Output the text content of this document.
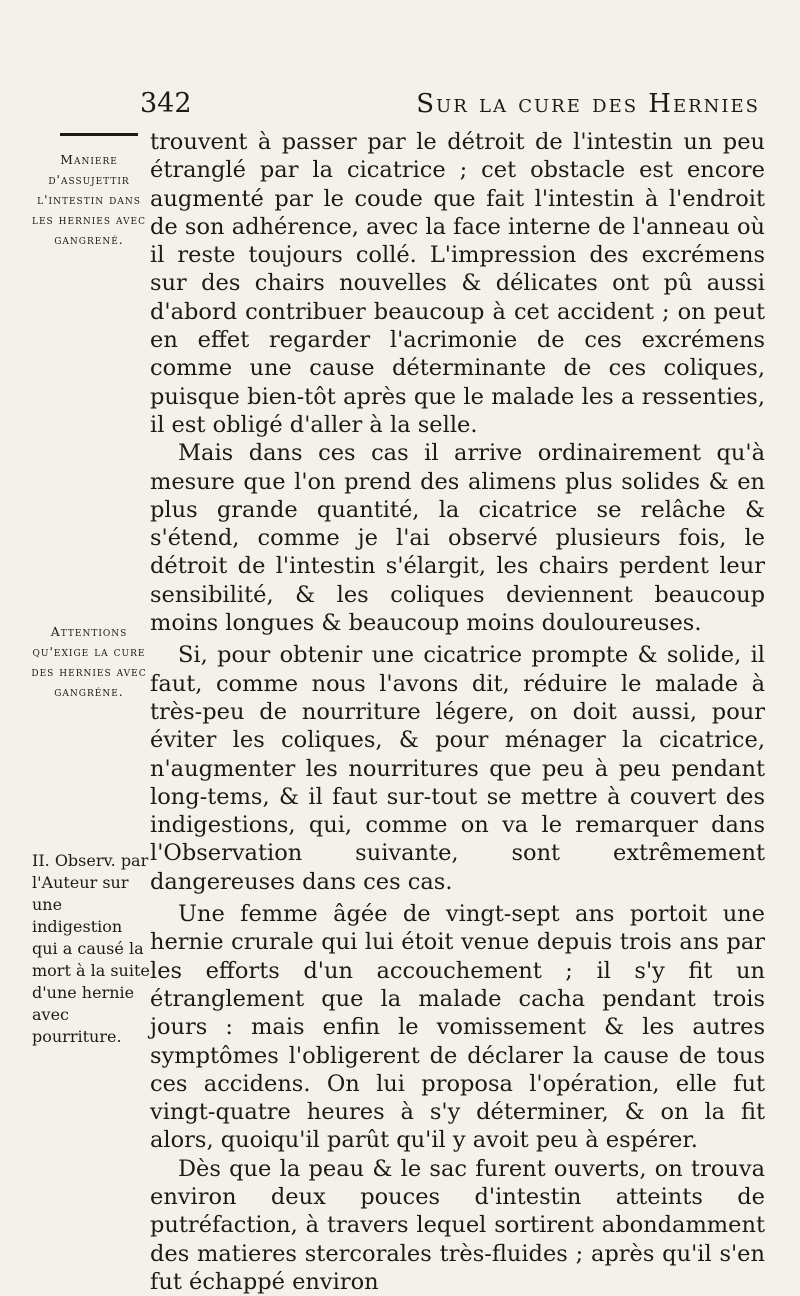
342	Sur la cure des Hernies
Maniere d'assujettir l'intestin dans les hernies avec gangrené.
Attentions qu'exige la cure des hernies avec gangréne.
II. Observ. par l'Auteur sur une indigestion qui a causé la mort à la suite d'une hernie avec pourriture.

trouvent à passer par le détroit de l'intestin un peu étranglé par la cicatrice ; cet obstacle est encore augmenté par le coude que fait l'intestin à l'endroit de son adhérence, avec la face interne de l'anneau où il reste toujours collé. L'impression des excrémens sur des chairs nouvelles & délicates ont pû aussi d'abord contribuer beaucoup à cet accident ; on peut en effet regarder l'acrimonie de ces excrémens comme une cause déterminante de ces coliques, puisque bien-tôt après que le malade les a ressenties, il est obligé d'aller à la selle.

Mais dans ces cas il arrive ordinairement qu'à mesure que l'on prend des alimens plus solides & en plus grande quantité, la cicatrice se relâche & s'étend, comme je l'ai observé plusieurs fois, le détroit de l'intestin s'élargit, les chairs perdent leur sensibilité, & les coliques deviennent beaucoup moins longues & beaucoup moins douloureuses.

Si, pour obtenir une cicatrice prompte & solide, il faut, comme nous l'avons dit, réduire le malade à très-peu de nourriture légere, on doit aussi, pour éviter les coliques, & pour ménager la cicatrice, n'augmenter les nourritures que peu à peu pendant long-tems, & il faut sur-tout se mettre à couvert des indigestions, qui, comme on va le remarquer dans l'Observation suivante, sont extrêmement dangereuses dans ces cas.

Une femme âgée de vingt-sept ans portoit une hernie crurale qui lui étoit venue depuis trois ans par les efforts d'un accouchement ; il s'y fit un étranglement que la malade cacha pendant trois jours : mais enfin le vomissement & les autres symptômes l'obligerent de déclarer la cause de tous ces accidens. On lui proposa l'opération, elle fut vingt-quatre heures à s'y déterminer, & on la fit alors, quoiqu'il parût qu'il y avoit peu à espérer.

Dès que la peau & le sac furent ouverts, on trouva environ deux pouces d'intestin atteints de putréfaction, à travers lequel sortirent abondamment des matieres stercorales très-fluides ; après qu'il s'en fut échappé environ
